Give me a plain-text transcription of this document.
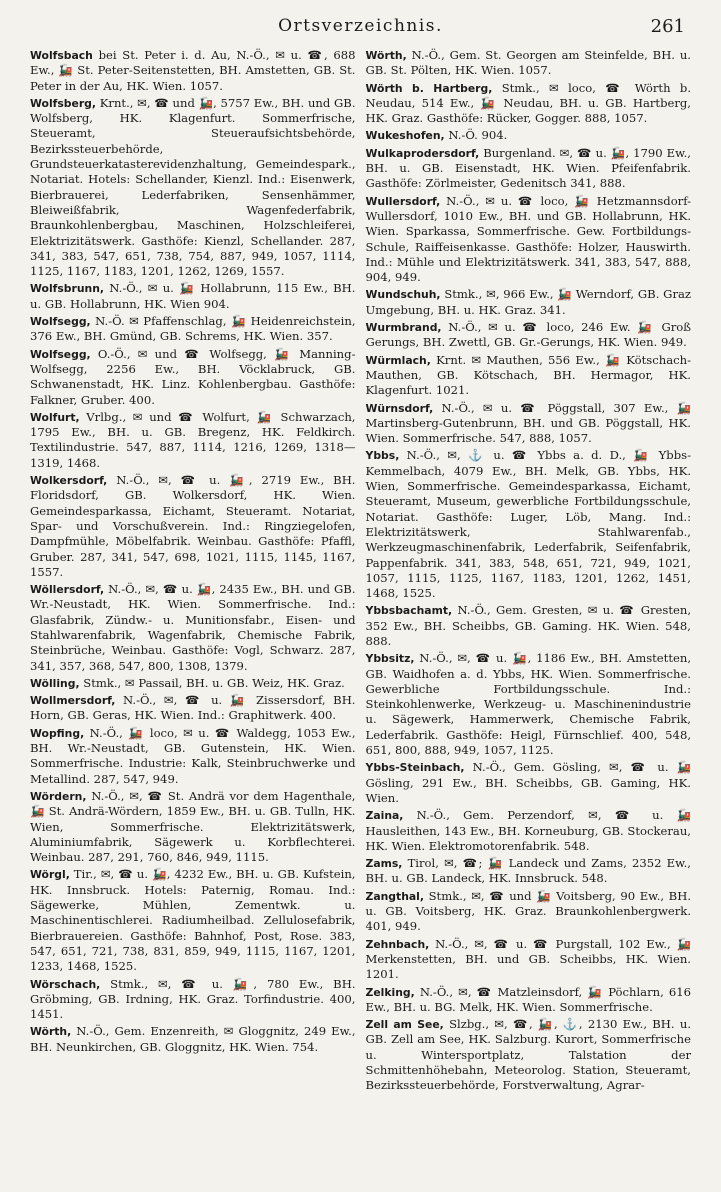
Ortsverzeichnis.	261

Wolfsbach bei St. Peter i. d. Au, N.-Ö., ✉ u. ☎, 688 Ew., 🚂 St. Peter-Seitenstetten, BH. Amstetten, GB. St. Peter in der Au, HK. Wien. 1057.

Wolfsberg, Krnt., ✉, ☎ und 🚂, 5757 Ew., BH. und GB. Wolfsberg, HK. Klagenfurt. Sommerfrische, Steueramt, Steueraufsichtsbehörde, Bezirkssteuerbehörde, Grundsteuerkatasterevidenzhaltung, Gemeindespark., Notariat. Hotels: Schellander, Kienzl. Ind.: Eisenwerk, Bierbrauerei, Lederfabriken, Sensenhämmer, Bleiweißfabrik, Wagenfederfabrik, Braunkohlenbergbau, Maschinen, Holzschleiferei, Elektrizitätswerk. Gasthöfe: Kienzl, Schellander. 287, 341, 383, 547, 651, 738, 754, 887, 949, 1057, 1114, 1125, 1167, 1183, 1201, 1262, 1269, 1557.

Wolfsbrunn, N.-Ö., ✉ u. 🚂 Hollabrunn, 115 Ew., BH. u. GB. Hollabrunn, HK. Wien 904.

Wolfsegg, N.-Ö. ✉ Pfaffenschlag, 🚂 Heidenreichstein, 376 Ew., BH. Gmünd, GB. Schrems, HK. Wien. 357.

Wolfsegg, O.-Ö., ✉ und ☎ Wolfsegg, 🚂 Manning-Wolfsegg, 2256 Ew., BH. Vöcklabruck, GB. Schwanenstadt, HK. Linz. Kohlenbergbau. Gasthöfe: Falkner, Gruber. 400.

Wolfurt, Vrlbg., ✉ und ☎ Wolfurt, 🚂 Schwarzach, 1795 Ew., BH. u. GB. Bregenz, HK. Feldkirch. Textilindustrie. 547, 887, 1114, 1216, 1269, 1318—1319, 1468.

Wolkersdorf, N.-Ö., ✉, ☎ u. 🚂, 2719 Ew., BH. Floridsdorf, GB. Wolkersdorf, HK. Wien. Gemeindesparkassa, Eichamt, Steueramt. Notariat, Spar- und Vorschußverein. Ind.: Ringziegelofen, Dampfmühle, Möbelfabrik. Weinbau. Gasthöfe: Pfaffl, Gruber. 287, 341, 547, 698, 1021, 1115, 1145, 1167, 1557.

Wöllersdorf, N.-Ö., ✉, ☎ u. 🚂, 2435 Ew., BH. und GB. Wr.-Neustadt, HK. Wien. Sommerfrische. Ind.: Glasfabrik, Zündw.- u. Munitionsfabr., Eisen- und Stahlwarenfabrik, Wagenfabrik, Chemische Fabrik, Steinbrüche, Weinbau. Gasthöfe: Vogl, Schwarz. 287, 341, 357, 368, 547, 800, 1308, 1379.

Wölling, Stmk., ✉ Passail, BH. u. GB. Weiz, HK. Graz.

Wollmersdorf, N.-Ö., ✉, ☎ u. 🚂 Zissersdorf, BH. Horn, GB. Geras, HK. Wien. Ind.: Graphitwerk. 400.

Wopfing, N.-Ö., 🚂 loco, ✉ u. ☎ Waldegg, 1053 Ew., BH. Wr.-Neustadt, GB. Gutenstein, HK. Wien. Sommerfrische. Industrie: Kalk, Steinbruchwerke und Metallind. 287, 547, 949.

Wördern, N.-Ö., ✉, ☎ St. Andrä vor dem Hagenthale, 🚂 St. Andrä-Wördern, 1859 Ew., BH. u. GB. Tulln, HK. Wien, Sommerfrische. Elektrizitätswerk, Aluminiumfabrik, Sägewerk u. Korbflechterei. Weinbau. 287, 291, 760, 846, 949, 1115.

Wörgl, Tir., ✉, ☎ u. 🚂, 4232 Ew., BH. u. GB. Kufstein, HK. Innsbruck. Hotels: Paternig, Romau. Ind.: Sägewerke, Mühlen, Zementwk. u. Maschinentischlerei. Radiumheilbad. Zellulosefabrik, Bierbrauereien. Gasthöfe: Bahnhof, Post, Rose. 383, 547, 651, 721, 738, 831, 859, 949, 1115, 1167, 1201, 1233, 1468, 1525.

Wörschach, Stmk., ✉, ☎ u. 🚂, 780 Ew., BH. Gröbming, GB. Irdning, HK. Graz. Torfindustrie. 400, 1451.

Wörth, N.-Ö., Gem. Enzenreith, ✉ Gloggnitz, 249 Ew., BH. Neunkirchen, GB. Gloggnitz, HK. Wien. 754.

Wörth, N.-Ö., Gem. St. Georgen am Steinfelde, BH. u. GB. St. Pölten, HK. Wien. 1057.

Wörth b. Hartberg, Stmk., ✉ loco, ☎ Wörth b. Neudau, 514 Ew., 🚂 Neudau, BH. u. GB. Hartberg, HK. Graz. Gasthöfe: Rücker, Gogger. 888, 1057.

Wukeshofen, N.-Ö. 904.

Wulkaprodersdorf, Burgenland. ✉, ☎ u. 🚂, 1790 Ew., BH. u. GB. Eisenstadt, HK. Wien. Pfeifenfabrik. Gasthöfe: Zörlmeister, Gedenitsch 341, 888.

Wullersdorf, N.-Ö., ✉ u. ☎ loco, 🚂 Hetzmannsdorf-Wullersdorf, 1010 Ew., BH. und GB. Hollabrunn, HK. Wien. Sparkassa, Sommerfrische. Gew. Fortbildungs-Schule, Raiffeisenkasse. Gasthöfe: Holzer, Hauswirth. Ind.: Mühle und Elektrizitätswerk. 341, 383, 547, 888, 904, 949.

Wundschuh, Stmk., ✉, 966 Ew., 🚂 Werndorf, GB. Graz Umgebung, BH. u. HK. Graz. 341.

Wurmbrand, N.-Ö., ✉ u. ☎ loco, 246 Ew. 🚂 Groß Gerungs, BH. Zwettl, GB. Gr.-Gerungs, HK. Wien. 949.

Würmlach, Krnt. ✉ Mauthen, 556 Ew., 🚂 Kötschach-Mauthen, GB. Kötschach, BH. Hermagor, HK. Klagenfurt. 1021.

Würnsdorf, N.-Ö., ✉ u. ☎ Pöggstall, 307 Ew., 🚂 Martinsberg-Gutenbrunn, BH. und GB. Pöggstall, HK. Wien. Sommerfrische. 547, 888, 1057.

Ybbs, N.-Ö., ✉, ⚓ u. ☎ Ybbs a. d. D., 🚂 Ybbs-Kemmelbach, 4079 Ew., BH. Melk, GB. Ybbs, HK. Wien, Sommerfrische. Gemeindesparkassa, Eichamt, Steueramt, Museum, gewerbliche Fortbildungsschule, Notariat. Gasthöfe: Luger, Löb, Mang. Ind.: Elektrizitätswerk, Stahlwarenfab., Werkzeugmaschinenfabrik, Lederfabrik, Seifenfabrik, Pappenfabrik. 341, 383, 548, 651, 721, 949, 1021, 1057, 1115, 1125, 1167, 1183, 1201, 1262, 1451, 1468, 1525.

Ybbsbachamt, N.-Ö., Gem. Gresten, ✉ u. ☎ Gresten, 352 Ew., BH. Scheibbs, GB. Gaming. HK. Wien. 548, 888.

Ybbsitz, N.-Ö., ✉, ☎ u. 🚂, 1186 Ew., BH. Amstetten, GB. Waidhofen a. d. Ybbs, HK. Wien. Sommerfrische. Gewerbliche Fortbildungsschule. Ind.: Steinkohlenwerke, Werkzeug- u. Maschinenindustrie u. Sägewerk, Hammerwerk, Chemische Fabrik, Lederfabrik. Gasthöfe: Heigl, Fürnschlief. 400, 548, 651, 800, 888, 949, 1057, 1125.

Ybbs-Steinbach, N.-Ö., Gem. Gösling, ✉, ☎ u. 🚂 Gösling, 291 Ew., BH. Scheibbs, GB. Gaming, HK. Wien.

Zaina, N.-Ö., Gem. Perzendorf, ✉, ☎ u. 🚂 Hausleithen, 143 Ew., BH. Korneuburg, GB. Stockerau, HK. Wien. Elektromotorenfabrik. 548.

Zams, Tirol, ✉, ☎; 🚂 Landeck und Zams, 2352 Ew., BH. u. GB. Landeck, HK. Innsbruck. 548.

Zangthal, Stmk., ✉, ☎ und 🚂 Voitsberg, 90 Ew., BH. u. GB. Voitsberg, HK. Graz. Braunkohlenbergwerk. 401, 949.

Zehnbach, N.-Ö., ✉, ☎ u. ☎ Purgstall, 102 Ew., 🚂 Merkenstetten, BH. und GB. Scheibbs, HK. Wien. 1201.

Zelking, N.-Ö., ✉, ☎ Matzleinsdorf, 🚂 Pöchlarn, 616 Ew., BH. u. BG. Melk, HK. Wien. Sommerfrische.

Zell am See, Slzbg., ✉, ☎, 🚂, ⚓, 2130 Ew., BH. u. GB. Zell am See, HK. Salzburg. Kurort, Sommerfrische u. Wintersportplatz, Talstation der Schmittenhöhebahn, Meteorolog. Station, Steueramt, Bezirkssteuerbehörde, Forstverwaltung, Agrar-
